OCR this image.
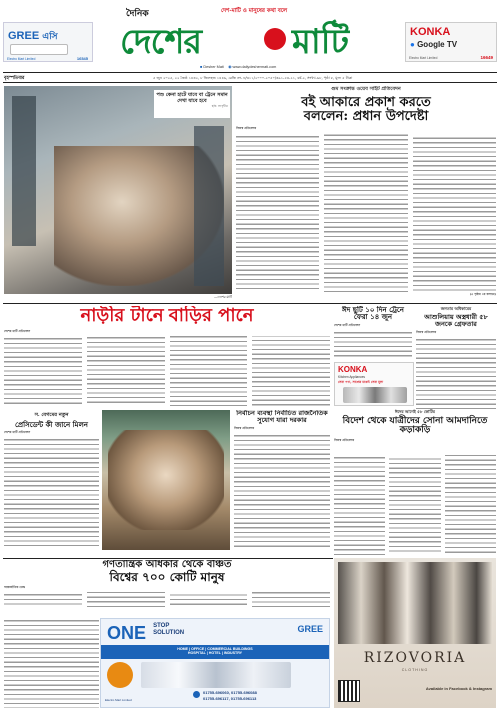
GREE এসি
Electro Mart Limited	16545
দৈনিক	দেশ-মাটি ও মানুষের কথা বলে
দেশের	মাটি	KONKA
● Google TV
Electro Mart Limited	16649
■ Desher Mati ◉ www.dailydeshermati.com
বৃহস্পতিবার	৫ জুন ২০২৫, ২২ জৈষ্ঠ ১৪৩২, ৮ জিলহজ ১৪৪৬, রেজি নং- ঢ/৩১১/২০০০-২০৫০/৩৯১-২৩-২১, বর্ষ-২, সংখ্যা-৬৮, পৃষ্ঠা ৮, মূল্য ৫ টাকা
পশু কেনা হাটে যাবে বা ট্রেনে সমান দেখা যাবে হবে
ছবি: সংগৃহীত
—দেশের মাটি
গুম সংক্রান্ত ওয়েব সাইট প্রতিবেদন
বই আকারে প্রকাশ করতে
বললেন: প্রধান উপদেষ্টা
নিজস্ব প্রতিবেদক
(৩ পৃষ্ঠার ২য় কলামে)
নাড়ীর টানে বাড়ির পানে
দেশের মাটি প্রতিবেদন
জনতার অধিকারের
আশুলিয়ায় অস্ত্রধারী ৫৮ জনকে গ্রেফতার
নিজস্ব প্রতিবেদক
ঈদ ছুটি ১০ দিন ট্রেনে ফেরা ১৪ জুন
দেশের মাটি প্রতিবেদন
KONKA
Kitchen Appliances
সেরা পণ্য, সাধ্যের মধ্যেই সেরা মূল্য
ঈদের আগেই ৫৮ কোটির
বিদেশ থেকে যাত্রীদের সোনা আমদানিতে কড়াকড়ি
নিজস্ব প্রতিবেদক
স. বেগমের নতুন
প্রেসিডেন্ট কী জানে মিলন
দেশের মাটি প্রতিবেদন
নির্বাচন ব্যবস্থা নির্বাচিত রাজনৈতিক সুযোগ যারা দরকার
নিজস্ব প্রতিবেদক
গণতান্ত্রিক অধিকার থেকে বঞ্চিত
বিশ্বের ৭০০ কোটি মানুষ
আন্তর্জাতিক ডেস্ক
ONE STOP
SOLUTION	GREE
HOME | OFFICE | COMMERCIAL BUILDINGS
HOSPITAL | HOTEL | INDUSTRY
01755-696060, 01755-696088
01755-696117, 01755-696113
Electro Mart Limited
RIZOVORIA
CLOTHING
Available in Facebook & Instagram
